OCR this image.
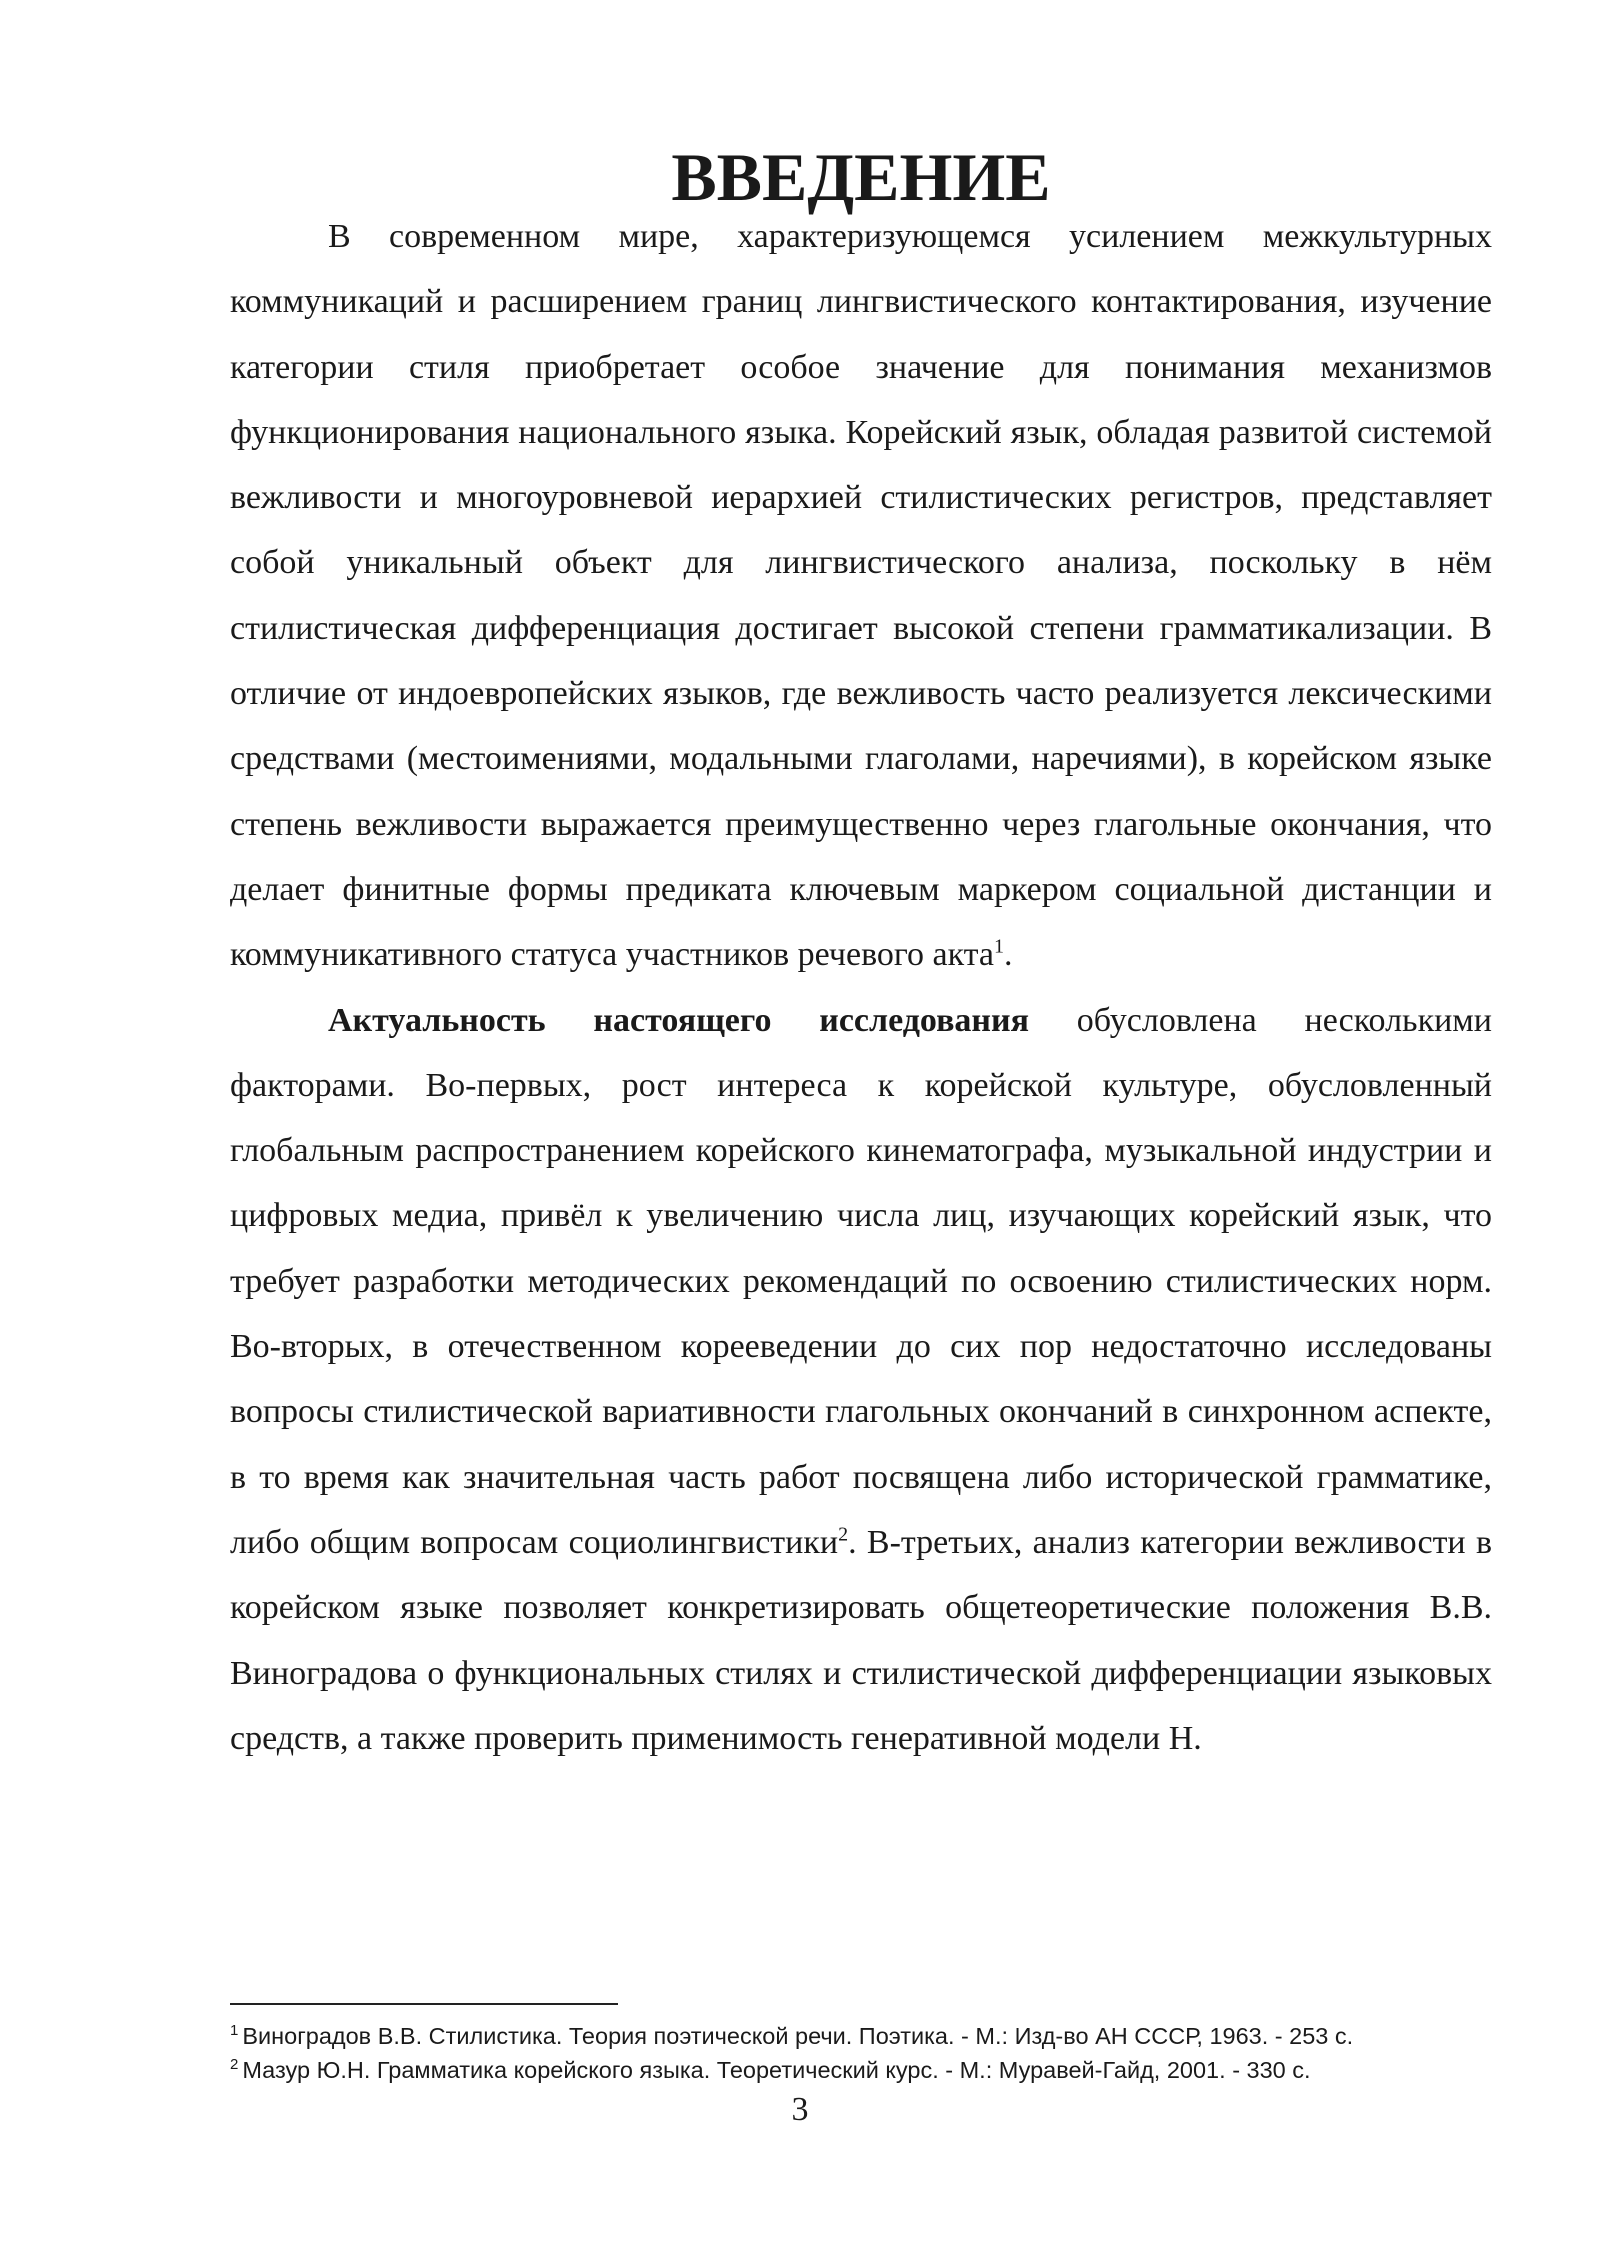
ВВЕДЕНИЕ

В современном мире, характеризующемся усилением межкультурных коммуникаций и расширением границ лингвистического контактирования, изучение категории стиля приобретает особое значение для понимания механизмов функционирования национального языка. Корейский язык, обладая развитой системой вежливости и многоуровневой иерархией стилистических регистров, представляет собой уникальный объект для лингвистического анализа, поскольку в нём стилистическая дифференциация достигает высокой степени грамматикализации. В отличие от индоевропейских языков, где вежливость часто реализуется лексическими средствами (местоимениями, модальными глаголами, наречиями), в корейском языке степень вежливости выражается преимущественно через глагольные окончания, что делает финитные формы предиката ключевым маркером социальной дистанции и коммуникативного статуса участников речевого акта$^1$.

Актуальность настоящего исследования обусловлена несколькими факторами. Во-первых, рост интереса к корейской культуре, обусловленный глобальным распространением корейского кинематографа, музыкальной индустрии и цифровых медиа, привёл к увеличению числа лиц, изучающих корейский язык, что требует разработки методических рекомендаций по освоению стилистических норм. Во-вторых, в отечественном корееведении до сих пор недостаточно исследованы вопросы стилистической вариативности глагольных окончаний в синхронном аспекте, в то время как значительная часть работ посвящена либо исторической грамматике, либо общим вопросам социолингвистики$^2$. В-третьих, анализ категории вежливости в корейском языке позволяет конкретизировать общетеоретические положения В.В. Виноградова о функциональных стилях и стилистической дифференциации языковых средств, а также проверить применимость генеративной модели Н.

$^1$ Виноградов В.В. Стилистика. Теория поэтической речи. Поэтика. - М.: Изд-во АН СССР, 1963. - 253 с.

$^2$ Мазур Ю.Н. Грамматика корейского языка. Теоретический курс. - М.: Муравей-Гайд, 2001. - 330 с.

3
